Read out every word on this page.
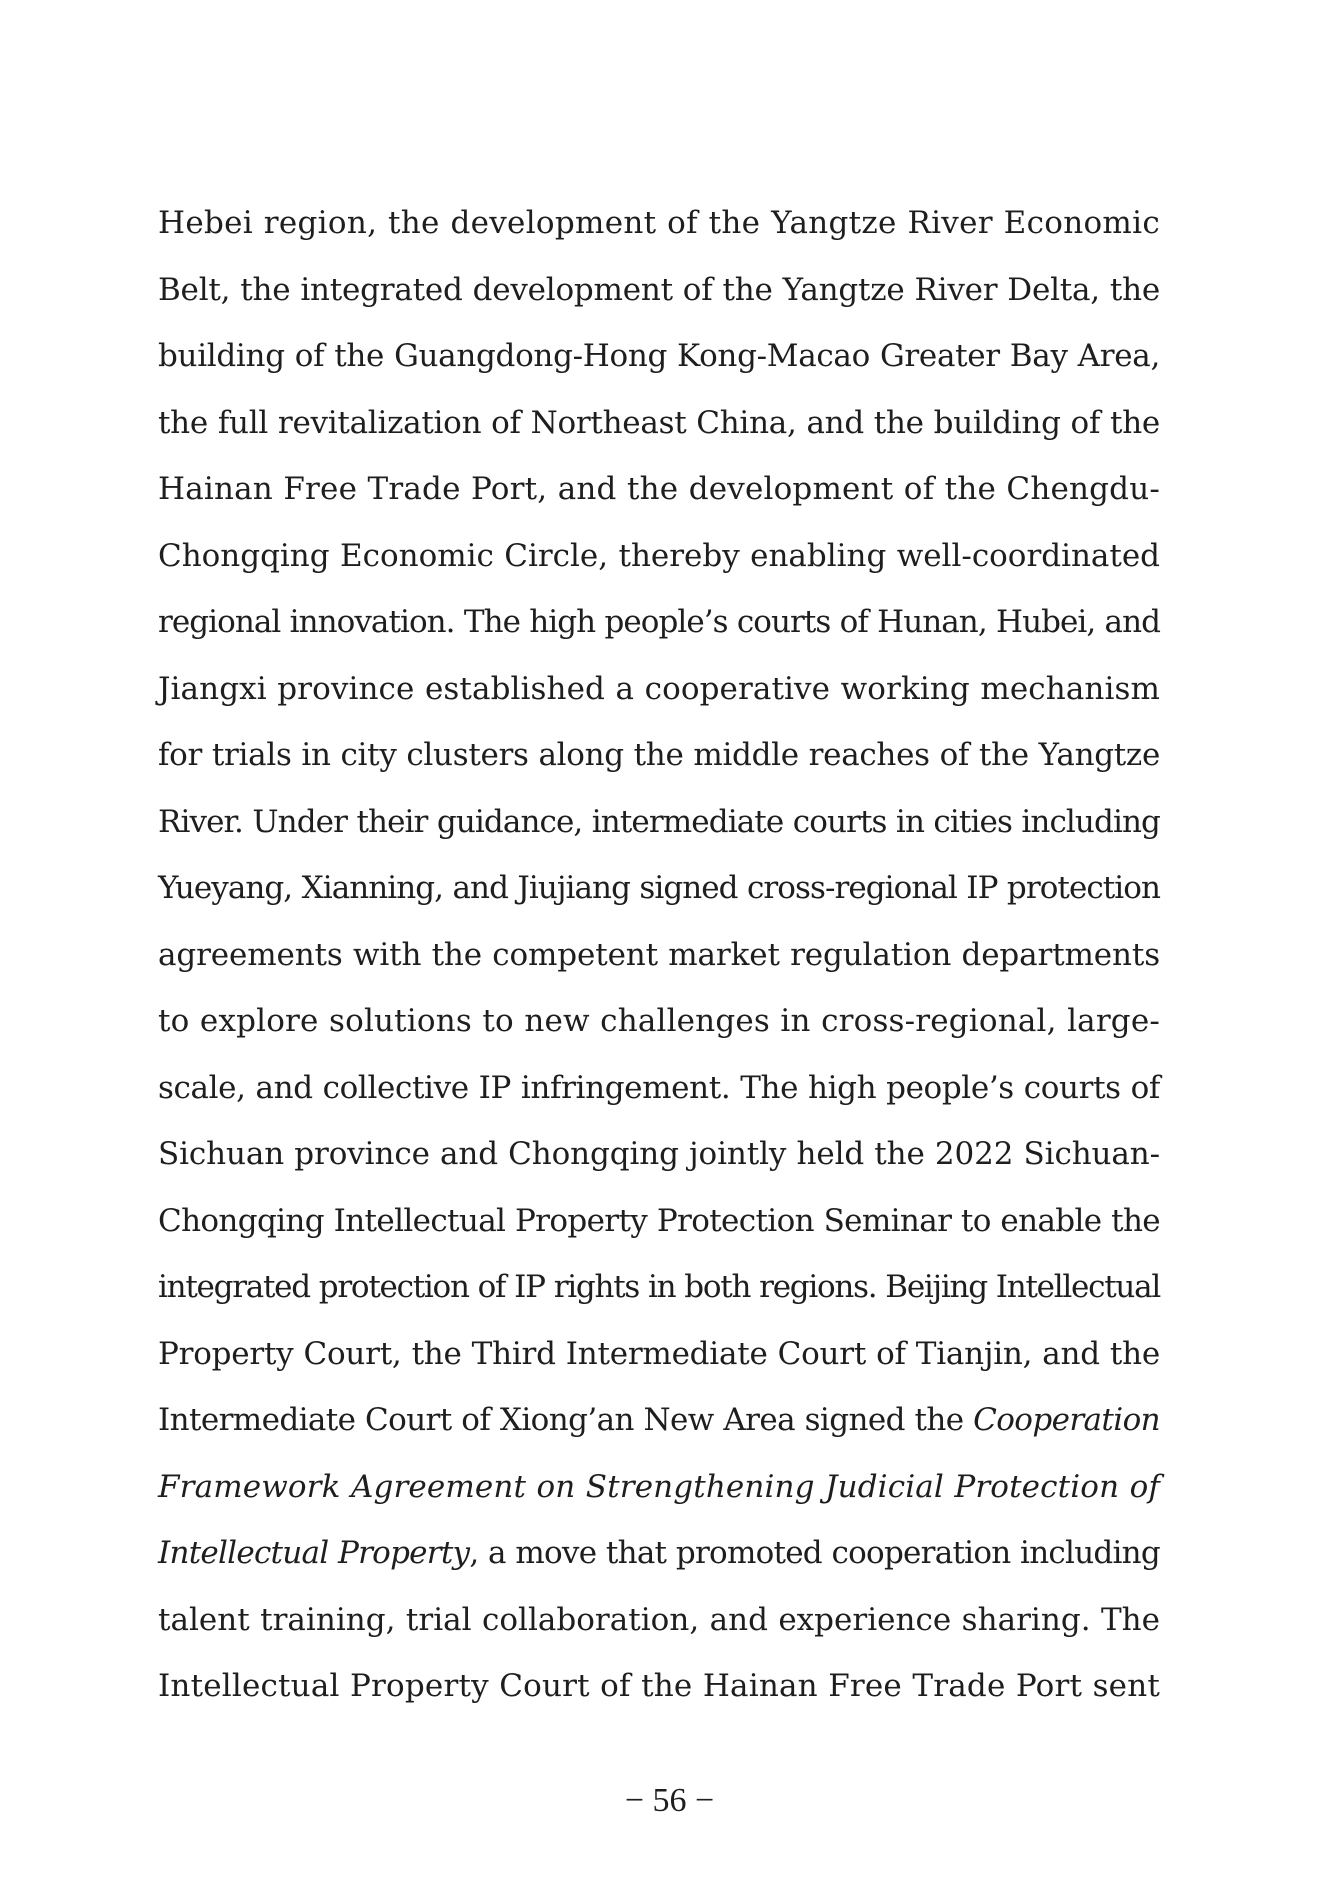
Hebei region, the development of the Yangtze River Economic
Belt, the integrated development of the Yangtze River Delta, the
building of the Guangdong-Hong Kong-Macao Greater Bay Area,
the full revitalization of Northeast China, and the building of the
Hainan Free Trade Port, and the development of the Chengdu-
Chongqing Economic Circle, thereby enabling well-coordinated
regional innovation. The high people’s courts of Hunan, Hubei, and
Jiangxi province established a cooperative working mechanism
for trials in city clusters along the middle reaches of the Yangtze
River. Under their guidance, intermediate courts in cities including
Yueyang, Xianning, and Jiujiang signed cross-regional IP protection
agreements with the competent market regulation departments
to explore solutions to new challenges in cross-regional, large-
scale, and collective IP infringement. The high people’s courts of
Sichuan province and Chongqing jointly held the 2022 Sichuan-
Chongqing Intellectual Property Protection Seminar to enable the
integrated protection of IP rights in both regions. Beijing Intellectual
Property Court, the Third Intermediate Court of Tianjin, and the
Intermediate Court of Xiong’an New Area signed the Cooperation
Framework Agreement on Strengthening Judicial Protection of
Intellectual Property, a move that promoted cooperation including
talent training, trial collaboration, and experience sharing. The
Intellectual Property Court of the Hainan Free Trade Port sent
− 56 −
